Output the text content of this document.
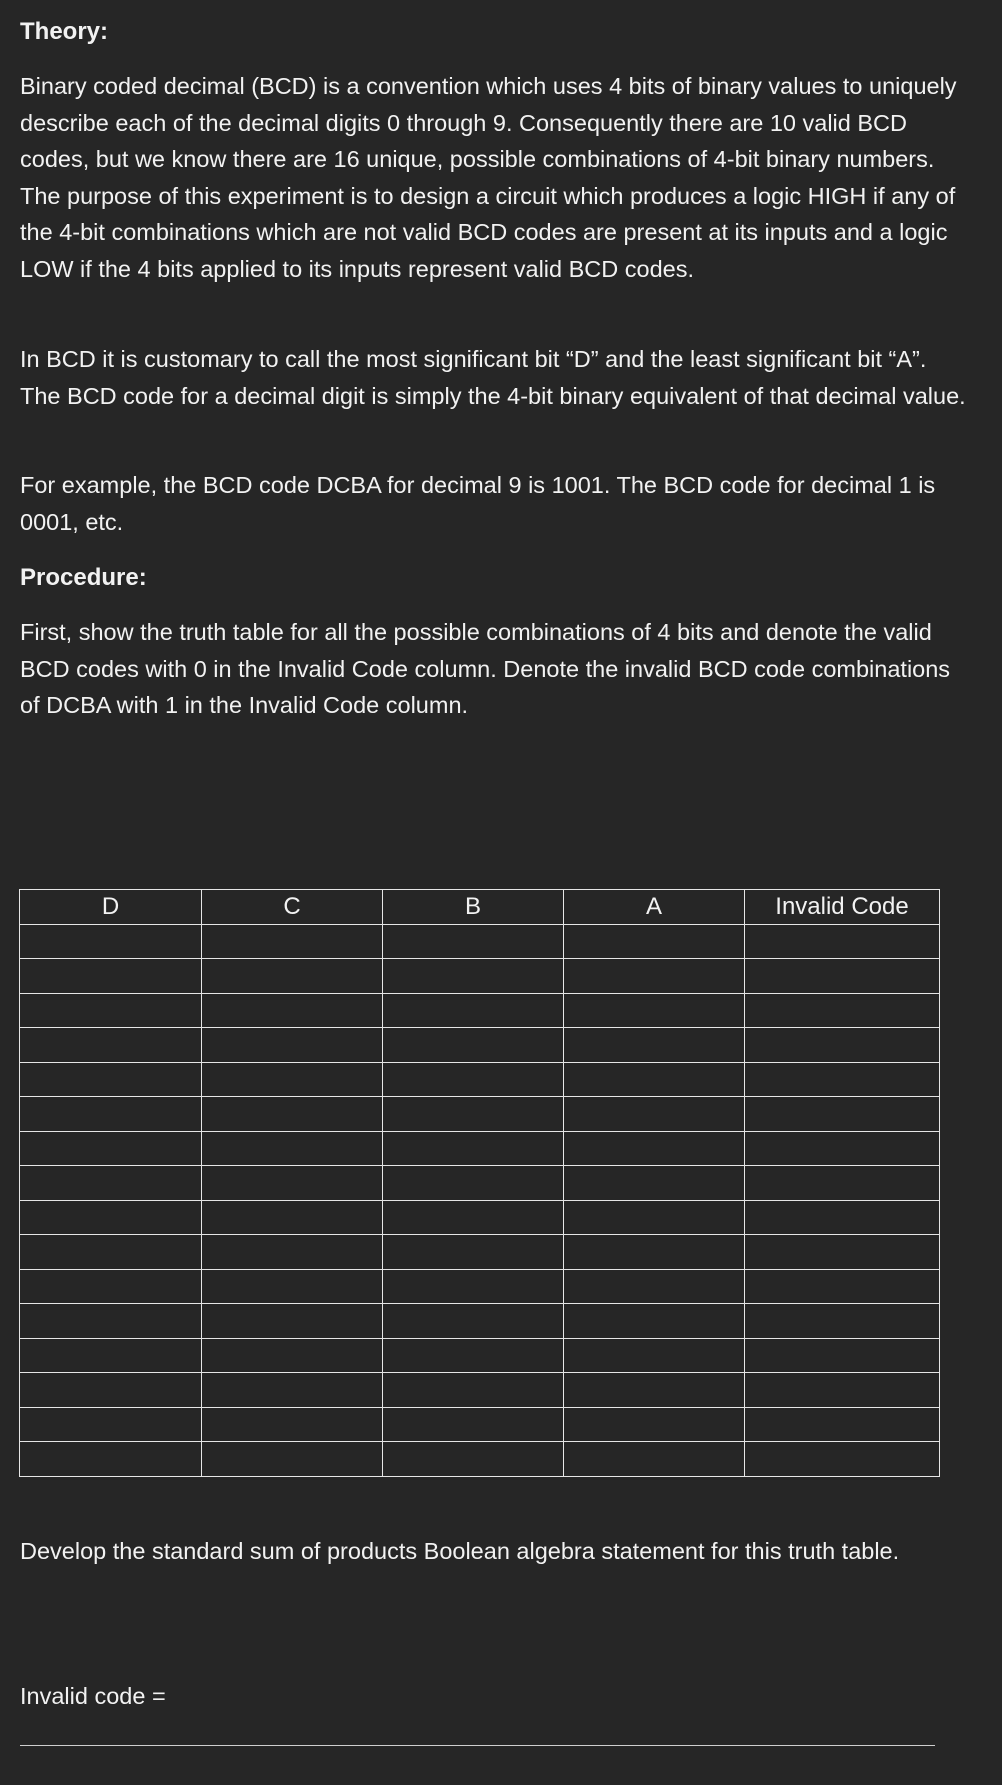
Theory:

Binary coded decimal (BCD) is a convention which uses 4 bits of binary values to uniquely describe each of the decimal digits 0 through 9. Consequently there are 10 valid BCD codes, but we know there are 16 unique, possible combinations of 4-bit binary numbers. The purpose of this experiment is to design a circuit which produces a logic HIGH if any of the 4-bit combinations which are not valid BCD codes are present at its inputs and a logic LOW if the 4 bits applied to its inputs represent valid BCD codes.

In BCD it is customary to call the most significant bit “D” and the least significant bit “A”. The BCD code for a decimal digit is simply the 4-bit binary equivalent of that decimal value.

For example, the BCD code DCBA for decimal 9 is 1001. The BCD code for decimal 1 is 0001, etc.

Procedure:

First, show the truth table for all the possible combinations of 4 bits and denote the valid BCD codes with 0 in the Invalid Code column. Denote the invalid BCD code combinations of DCBA with 1 in the Invalid Code column.

D	C	B	A	Invalid Code

Develop the standard sum of products Boolean algebra statement for this truth table.

Invalid code =
